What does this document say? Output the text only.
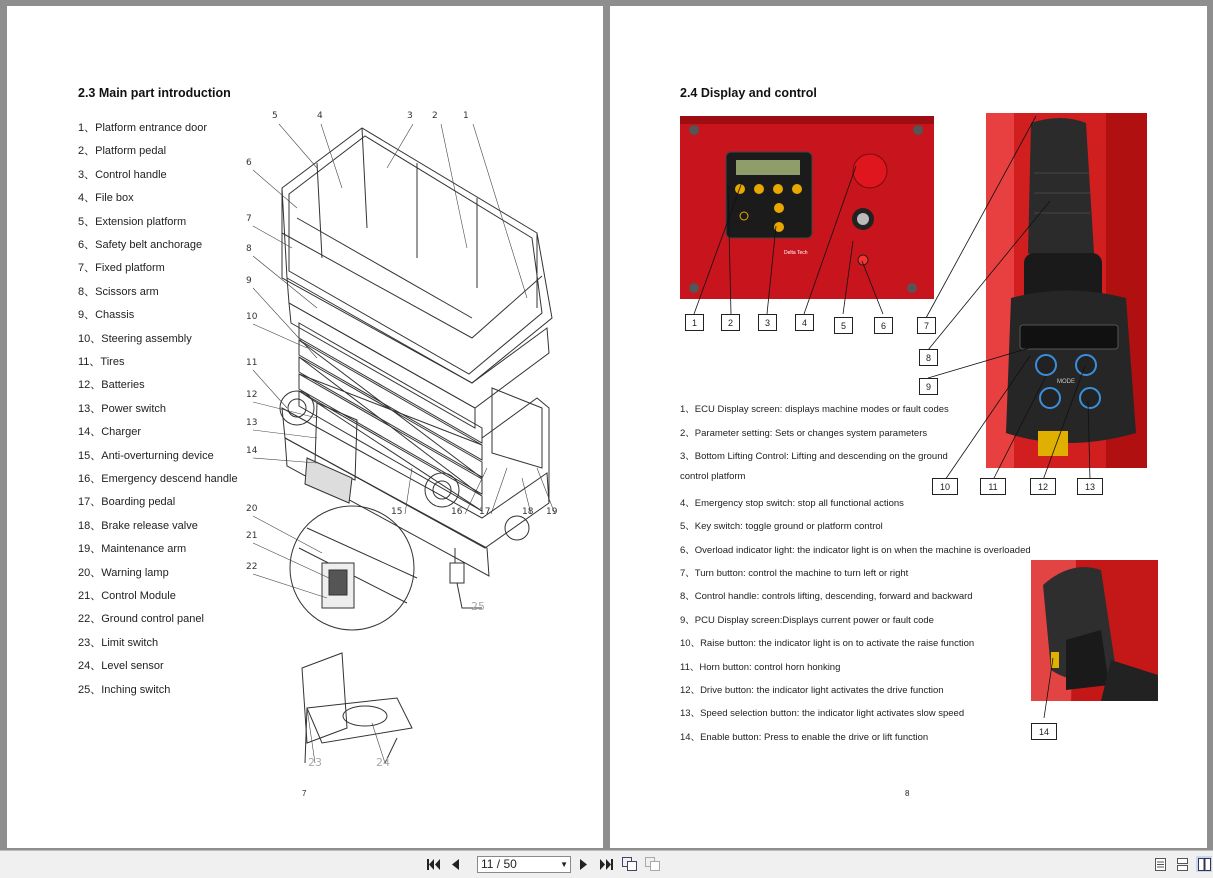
2.3 Main part introduction
1、Platform entrance door
2、Platform pedal
3、Control handle
4、File box
5、Extension platform
6、Safety belt anchorage
7、Fixed platform
8、Scissors arm
9、Chassis
10、Steering assembly
11、Tires
12、Batteries
13、Power switch
14、Charger
15、Anti-overturning device
16、Emergency descend handle
17、Boarding pedal
18、Brake release valve
19、Maintenance arm
20、Warning lamp
21、Control Module
22、Ground control panel
23、Limit switch
24、Level sensor
25、Inching switch
1
2
3
4
5
6
7
8
9
10
11
12
13
14
15	16 17	18 19
20
21
22
23	24
25
7
2.4 Display and control
Delta Tech
MODE
1	2	3	4	5	6	7
8
9
10	11	12	13
14
1、ECU Display screen: displays machine modes or fault codes
2、Parameter setting: Sets or changes system parameters
3、Bottom Lifting Control: Lifting and descending on the ground
control platform
4、Emergency stop switch: stop all functional actions
5、Key switch: toggle ground or platform control
6、Overload indicator light: the indicator light is on when the machine is overloaded
7、Turn button: control the machine to turn left or right
8、Control handle: controls lifting, descending, forward and backward
9、PCU Display screen:Displays current power or fault code
10、Raise button: the indicator light is on to activate the raise function
11、Horn button: control horn honking
12、Drive button: the indicator light activates the drive function
13、Speed selection button: the indicator light activates slow speed
14、Enable button: Press to enable the drive or lift function
8
11 / 50	▼
